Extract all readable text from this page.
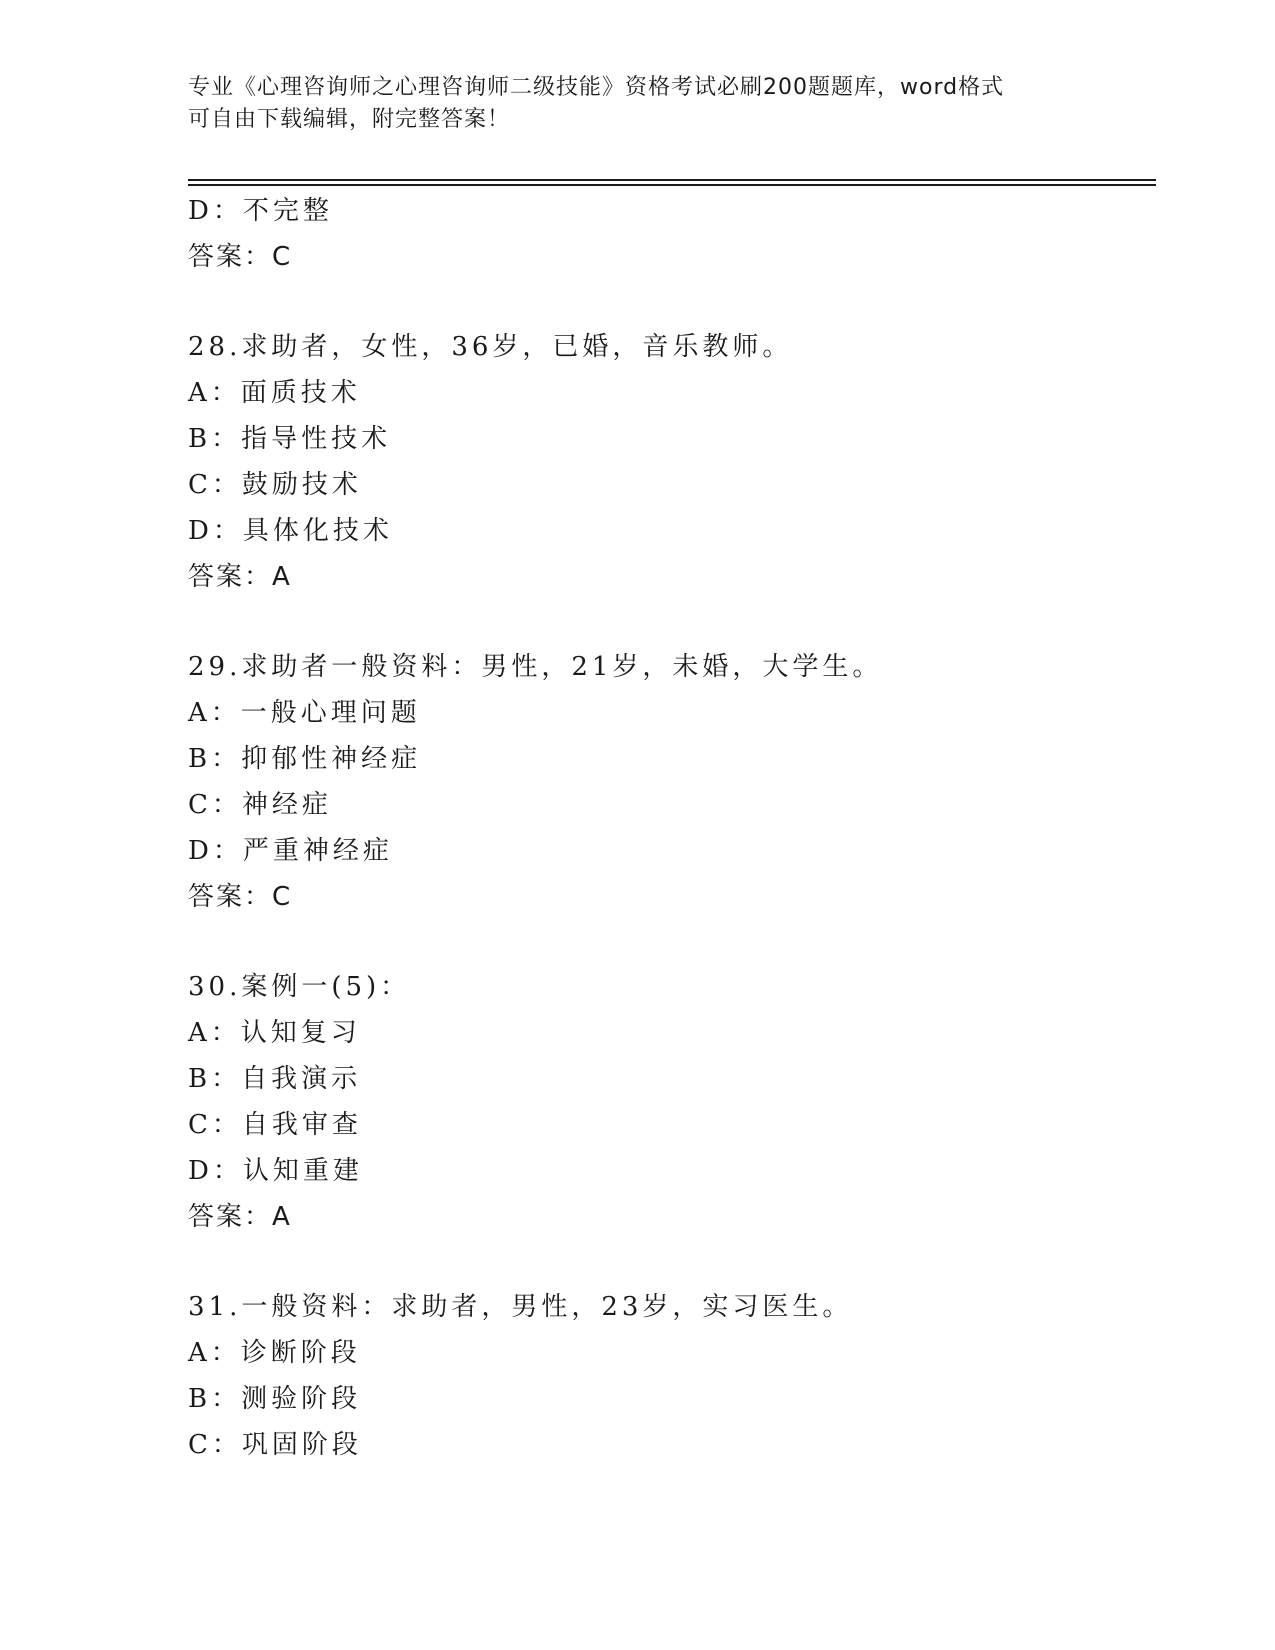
专业《心理咨询师之心理咨询师二级技能》资格考试必刷200题题库，word格式
可自由下载编辑，附完整答案！
D：不完整
答案：C
28.求助者，女性，36岁，已婚，音乐教师。
A：面质技术
B：指导性技术
C：鼓励技术
D：具体化技术
答案：A
29.求助者一般资料：男性，21岁，未婚，大学生。
A：一般心理问题
B：抑郁性神经症
C：神经症
D：严重神经症
答案：C
30.案例一(5)：
A：认知复习
B：自我演示
C：自我审查
D：认知重建
答案：A
31.一般资料：求助者，男性，23岁，实习医生。
A：诊断阶段
B：测验阶段
C：巩固阶段
